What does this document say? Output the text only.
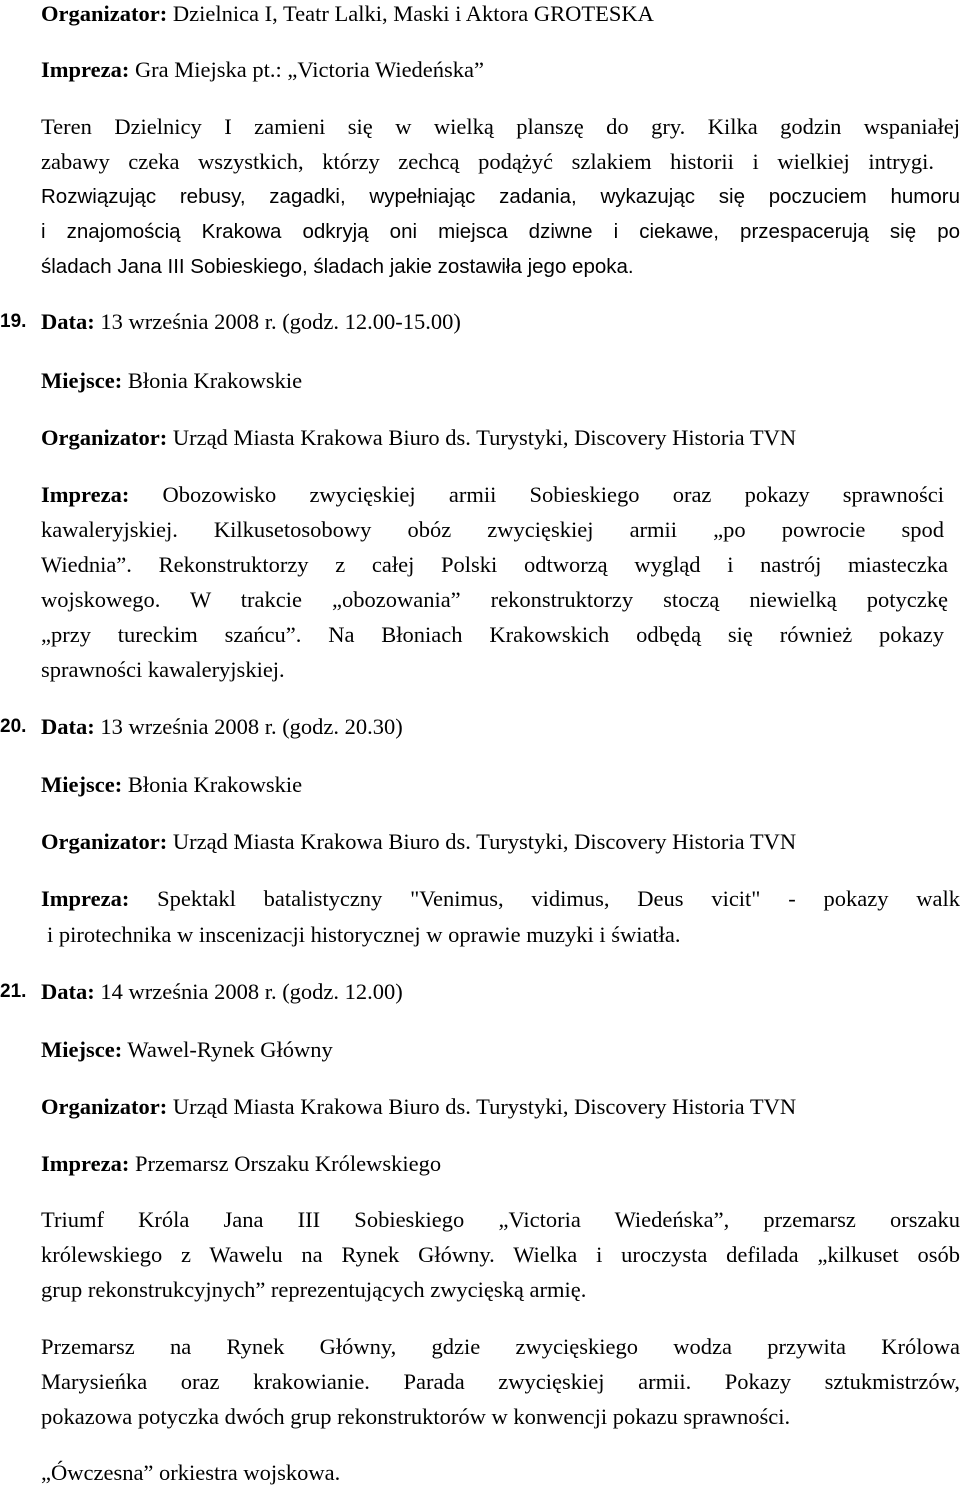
Organizator: Dzielnica I, Teatr Lalki, Maski i Aktora GROTESKA
Impreza: Gra Miejska pt.: „Victoria Wiedeńska”
Teren Dzielnicy I zamieni się w wielką planszę do gry. Kilka godzin wspaniałej
zabawy czeka wszystkich, którzy zechcą podążyć szlakiem historii i wielkiej intrygi.
Rozwiązując rebusy, zagadki, wypełniając zadania, wykazując się poczuciem humoru
i znajomością Krakowa odkryją oni miejsca dziwne i ciekawe, przespacerują się po
śladach Jana III Sobieskiego, śladach jakie zostawiła jego epoka.
19. Data: 13 września 2008 r. (godz. 12.00-15.00)
Miejsce: Błonia Krakowskie
Organizator: Urząd Miasta Krakowa Biuro ds. Turystyki, Discovery Historia TVN
Impreza: Obozowisko zwycięskiej armii Sobieskiego oraz pokazy sprawności
kawaleryjskiej. Kilkusetosobowy obóz zwycięskiej armii „po powrocie spod
Wiednia”. Rekonstruktorzy z całej Polski odtworzą wygląd i nastrój miasteczka
wojskowego. W trakcie „obozowania” rekonstruktorzy stoczą niewielką potyczkę
„przy tureckim szańcu”. Na Błoniach Krakowskich odbędą się również pokazy
sprawności kawaleryjskiej.
20. Data: 13 września 2008 r. (godz. 20.30)
Miejsce: Błonia Krakowskie
Organizator: Urząd Miasta Krakowa Biuro ds. Turystyki, Discovery Historia TVN
Impreza: Spektakl batalistyczny "Venimus, vidimus, Deus vicit" - pokazy walk
i pirotechnika w inscenizacji historycznej w oprawie muzyki i światła.
21. Data: 14 września 2008 r. (godz. 12.00)
Miejsce: Wawel-Rynek Główny
Organizator: Urząd Miasta Krakowa Biuro ds. Turystyki, Discovery Historia TVN
Impreza: Przemarsz Orszaku Królewskiego
Triumf Króla Jana III Sobieskiego „Victoria Wiedeńska”, przemarsz orszaku
królewskiego z Wawelu na Rynek Główny. Wielka i uroczysta defilada „kilkuset osób
grup rekonstrukcyjnych” reprezentujących zwycięską armię.
Przemarsz na Rynek Główny, gdzie zwycięskiego wodza przywita Królowa
Marysieńka oraz krakowianie. Parada zwycięskiej armii. Pokazy sztukmistrzów,
pokazowa potyczka dwóch grup rekonstruktorów w konwencji pokazu sprawności.
„Ówczesna” orkiestra wojskowa.
